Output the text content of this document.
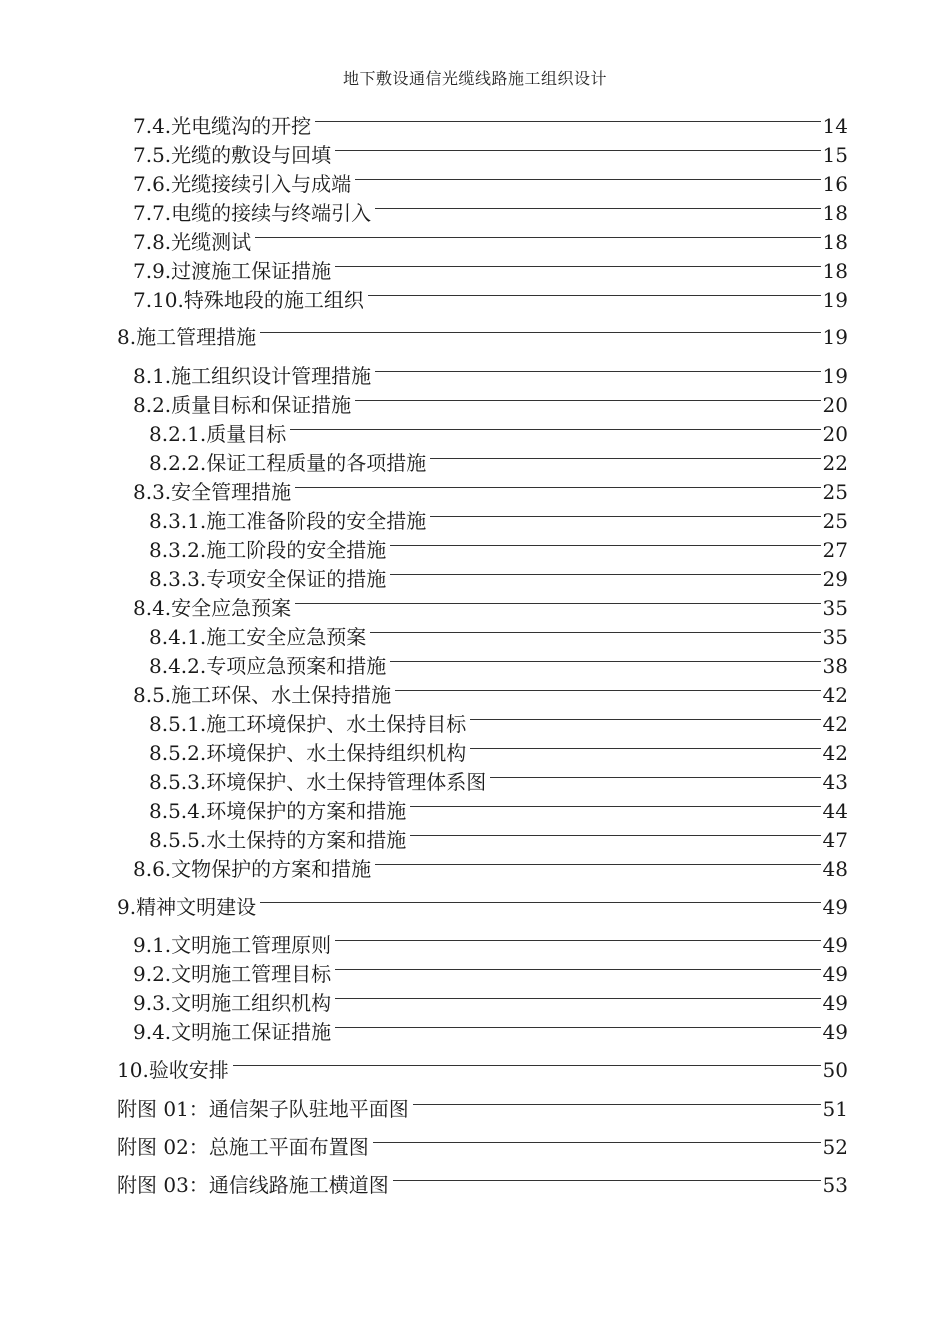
地下敷设通信光缆线路施工组织设计
7.4. 光电缆沟的开挖	14
7.5. 光缆的敷设与回填	15
7.6. 光缆接续引入与成端	16
7.7. 电缆的接续与终端引入	18
7.8. 光缆测试	18
7.9. 过渡施工保证措施	18
7.10. 特殊地段的施工组织	19
8. 施工管理措施	19
8.1. 施工组织设计管理措施	19
8.2. 质量目标和保证措施	20
8.2.1. 质量目标	20
8.2.2. 保证工程质量的各项措施	22
8.3. 安全管理措施	25
8.3.1. 施工准备阶段的安全措施	25
8.3.2. 施工阶段的安全措施	27
8.3.3. 专项安全保证的措施	29
8.4. 安全应急预案	35
8.4.1. 施工安全应急预案	35
8.4.2. 专项应急预案和措施	38
8.5. 施工环保、水土保持措施	42
8.5.1. 施工环境保护、水土保持目标	42
8.5.2. 环境保护、水土保持组织机构	42
8.5.3. 环境保护、水土保持管理体系图	43
8.5.4. 环境保护的方案和措施	44
8.5.5. 水土保持的方案和措施	47
8.6. 文物保护的方案和措施	48
9. 精神文明建设	49
9.1. 文明施工管理原则	49
9.2. 文明施工管理目标	49
9.3. 文明施工组织机构	49
9.4. 文明施工保证措施	49
10. 验收安排	50
附图 01： 通信架子队驻地平面图	51
附图 02： 总施工平面布置图	52
附图 03： 通信线路施工横道图	53
